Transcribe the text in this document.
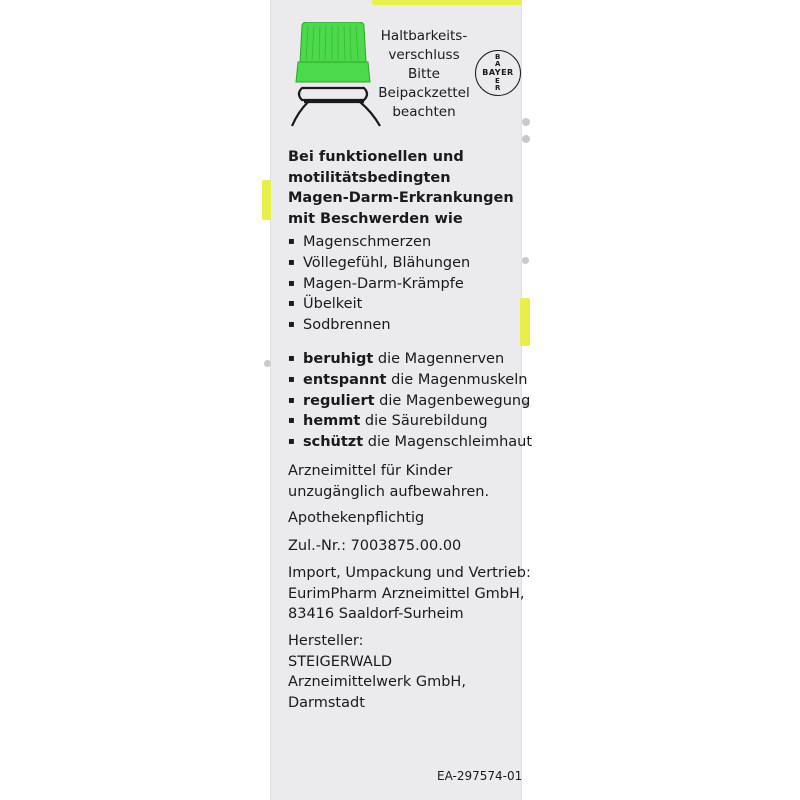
Haltbarkeits-
verschluss
Bitte
Beipackzettel
beachten
B
A
BAYER
E
R
Bei funktionellen und
motilitätsbedingten
Magen-Darm-Erkrankungen
mit Beschwerden wie
▪ Magenschmerzen
▪ Völlegefühl, Blähungen
▪ Magen-Darm-Krämpfe
▪ Übelkeit
▪ Sodbrennen
▪ beruhigt die Magennerven
▪ entspannt die Magenmuskeln
▪ reguliert die Magenbewegung
▪ hemmt die Säurebildung
▪ schützt die Magenschleimhaut
Arzneimittel für Kinder
unzugänglich aufbewahren.
Apothekenpflichtig
Zul.-Nr.: 7003875.00.00
Import, Umpackung und Vertrieb:
EurimPharm Arzneimittel GmbH,
83416 Saaldorf-Surheim
Hersteller:
STEIGERWALD
Arzneimittelwerk GmbH,
Darmstadt
EA-297574-01
